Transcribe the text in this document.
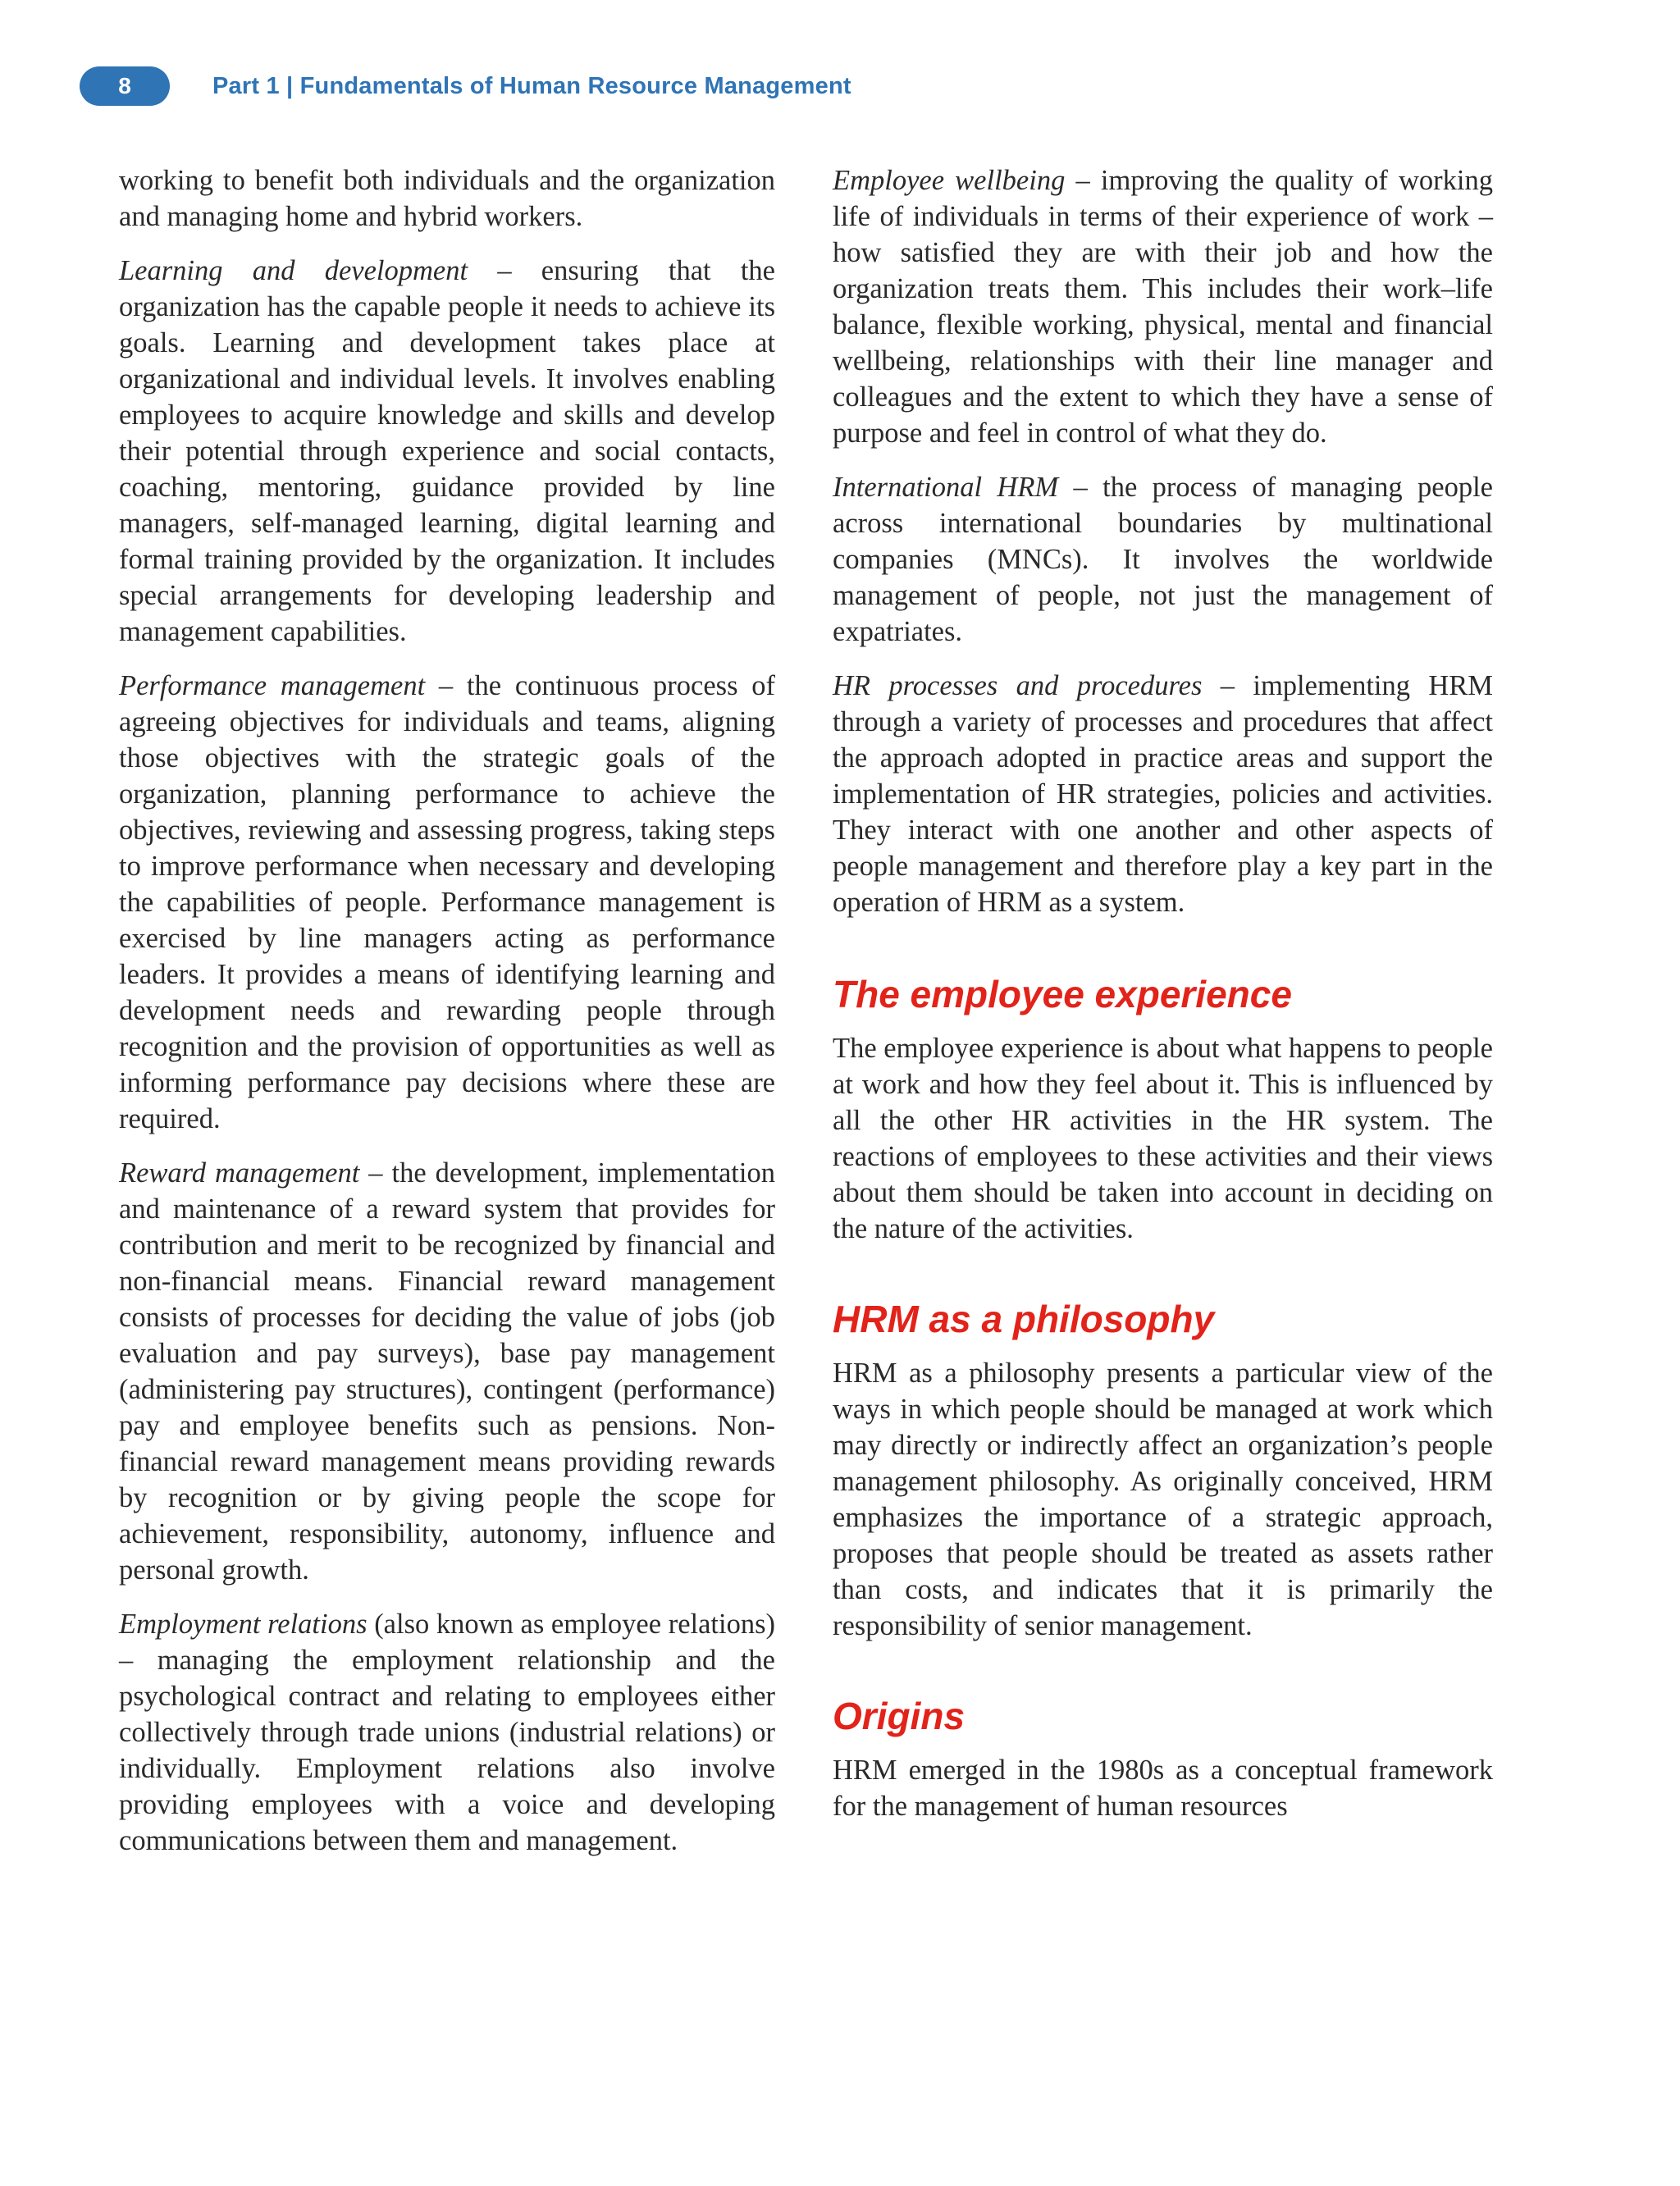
8	Part 1 | Fundamentals of Human Resource Management

working to benefit both individuals and the organization and managing home and hybrid workers.

Learning and development – ensuring that the organization has the capable people it needs to achieve its goals. Learning and development takes place at organizational and individual levels. It involves enabling employees to acquire knowledge and skills and develop their potential through experience and social contacts, coaching, mentoring, guidance provided by line managers, self-managed learning, digital learning and formal training provided by the organization. It includes special arrangements for developing leadership and management capabilities.

Performance management – the continuous process of agreeing objectives for individuals and teams, aligning those objectives with the strategic goals of the organization, planning performance to achieve the objectives, reviewing and assessing progress, taking steps to improve performance when necessary and developing the capabilities of people. Performance management is exercised by line managers acting as performance leaders. It provides a means of identifying learning and development needs and rewarding people through recognition and the provision of opportunities as well as informing performance pay decisions where these are required.

Reward management – the development, implementation and maintenance of a reward system that provides for contribution and merit to be recognized by financial and non-financial means. Financial reward management consists of processes for deciding the value of jobs (job evaluation and pay surveys), base pay management (administering pay structures), contingent (performance) pay and employee benefits such as pensions. Non-financial reward management means providing rewards by recognition or by giving people the scope for achievement, responsibility, autonomy, influence and personal growth.

Employment relations (also known as employee relations) – managing the employment relationship and the psychological contract and relating to employees either collectively through trade unions (industrial relations) or individually. Employment relations also involve providing employees with a voice and developing communications between them and management.

Employee wellbeing – improving the quality of working life of individuals in terms of their experience of work – how satisfied they are with their job and how the organization treats them. This includes their work–life balance, flexible working, physical, mental and financial wellbeing, relationships with their line manager and colleagues and the extent to which they have a sense of purpose and feel in control of what they do.

International HRM – the process of managing people across international boundaries by multinational companies (MNCs). It involves the worldwide management of people, not just the management of expatriates.

HR processes and procedures – implementing HRM through a variety of processes and procedures that affect the approach adopted in practice areas and support the implementation of HR strategies, policies and activities. They interact with one another and other aspects of people management and therefore play a key part in the operation of HRM as a system.

The employee experience

The employee experience is about what happens to people at work and how they feel about it. This is influenced by all the other HR activities in the HR system. The reactions of employees to these activities and their views about them should be taken into account in deciding on the nature of the activities.

HRM as a philosophy

HRM as a philosophy presents a particular view of the ways in which people should be managed at work which may directly or indirectly affect an organization’s people management philosophy. As originally conceived, HRM emphasizes the importance of a strategic approach, proposes that people should be treated as assets rather than costs, and indicates that it is primarily the responsibility of senior management.

Origins

HRM emerged in the 1980s as a conceptual framework for the management of human resources
